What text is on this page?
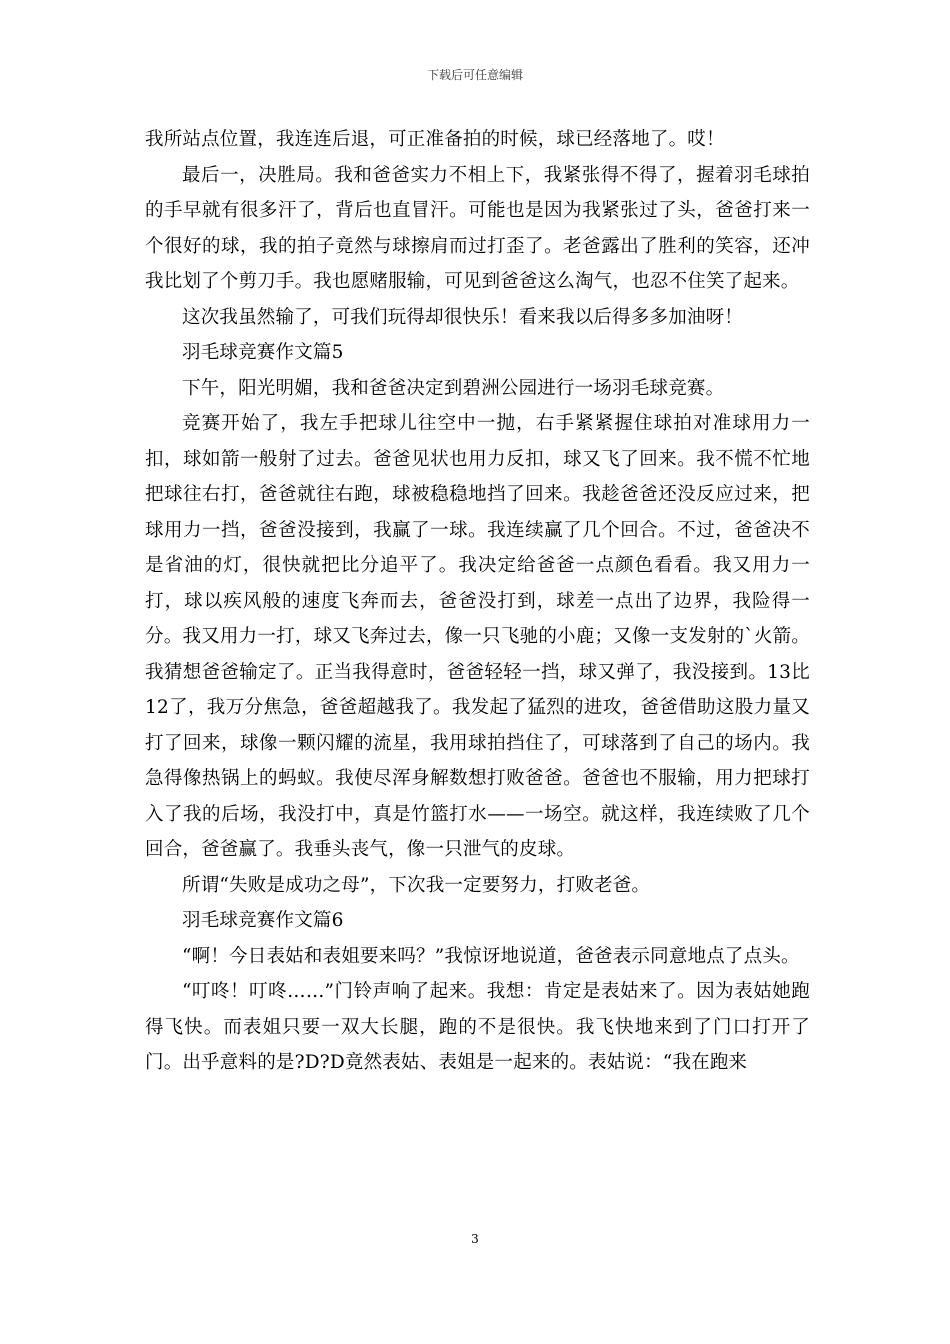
下载后可任意编辑

我所站点位置，我连连后退，可正准备拍的时候，球已经落地了。哎！

最后一，决胜局。我和爸爸实力不相上下，我紧张得不得了，握着羽毛球拍的手早就有很多汗了，背后也直冒汗。可能也是因为我紧张过了头，爸爸打来一个很好的球，我的拍子竟然与球擦肩而过打歪了。老爸露出了胜利的笑容，还冲我比划了个剪刀手。我也愿赌服输，可见到爸爸这么淘气，也忍不住笑了起来。

这次我虽然输了，可我们玩得却很快乐！看来我以后得多多加油呀！

羽毛球竞赛作文篇5

下午，阳光明媚，我和爸爸决定到碧洲公园进行一场羽毛球竞赛。

竞赛开始了，我左手把球儿往空中一抛，右手紧紧握住球拍对准球用力一扣，球如箭一般射了过去。爸爸见状也用力反扣，球又飞了回来。我不慌不忙地把球往右打，爸爸就往右跑，球被稳稳地挡了回来。我趁爸爸还没反应过来，把球用力一挡，爸爸没接到，我赢了一球。我连续赢了几个回合。不过，爸爸决不是省油的灯，很快就把比分追平了。我决定给爸爸一点颜色看看。我又用力一打，球以疾风般的速度飞奔而去，爸爸没打到，球差一点出了边界，我险得一分。我又用力一打，球又飞奔过去，像一只飞驰的小鹿；又像一支发射的`火箭。我猜想爸爸输定了。正当我得意时，爸爸轻轻一挡，球又弹了，我没接到。13比12了，我万分焦急，爸爸超越我了。我发起了猛烈的进攻，爸爸借助这股力量又打了回来，球像一颗闪耀的流星，我用球拍挡住了，可球落到了自己的场内。我急得像热锅上的蚂蚁。我使尽浑身解数想打败爸爸。爸爸也不服输，用力把球打入了我的后场，我没打中，真是竹篮打水——一场空。就这样，我连续败了几个回合，爸爸赢了。我垂头丧气，像一只泄气的皮球。

所谓“失败是成功之母”，下次我一定要努力，打败老爸。

羽毛球竞赛作文篇6

“啊！今日表姑和表姐要来吗？”我惊讶地说道，爸爸表示同意地点了点头。

“叮咚！叮咚……”门铃声响了起来。我想：肯定是表姑来了。因为表姑她跑得飞快。而表姐只要一双大长腿，跑的不是很快。我飞快地来到了门口打开了门。出乎意料的是?D?D竟然表姑、表姐是一起来的。表姑说：“我在跑来

3
